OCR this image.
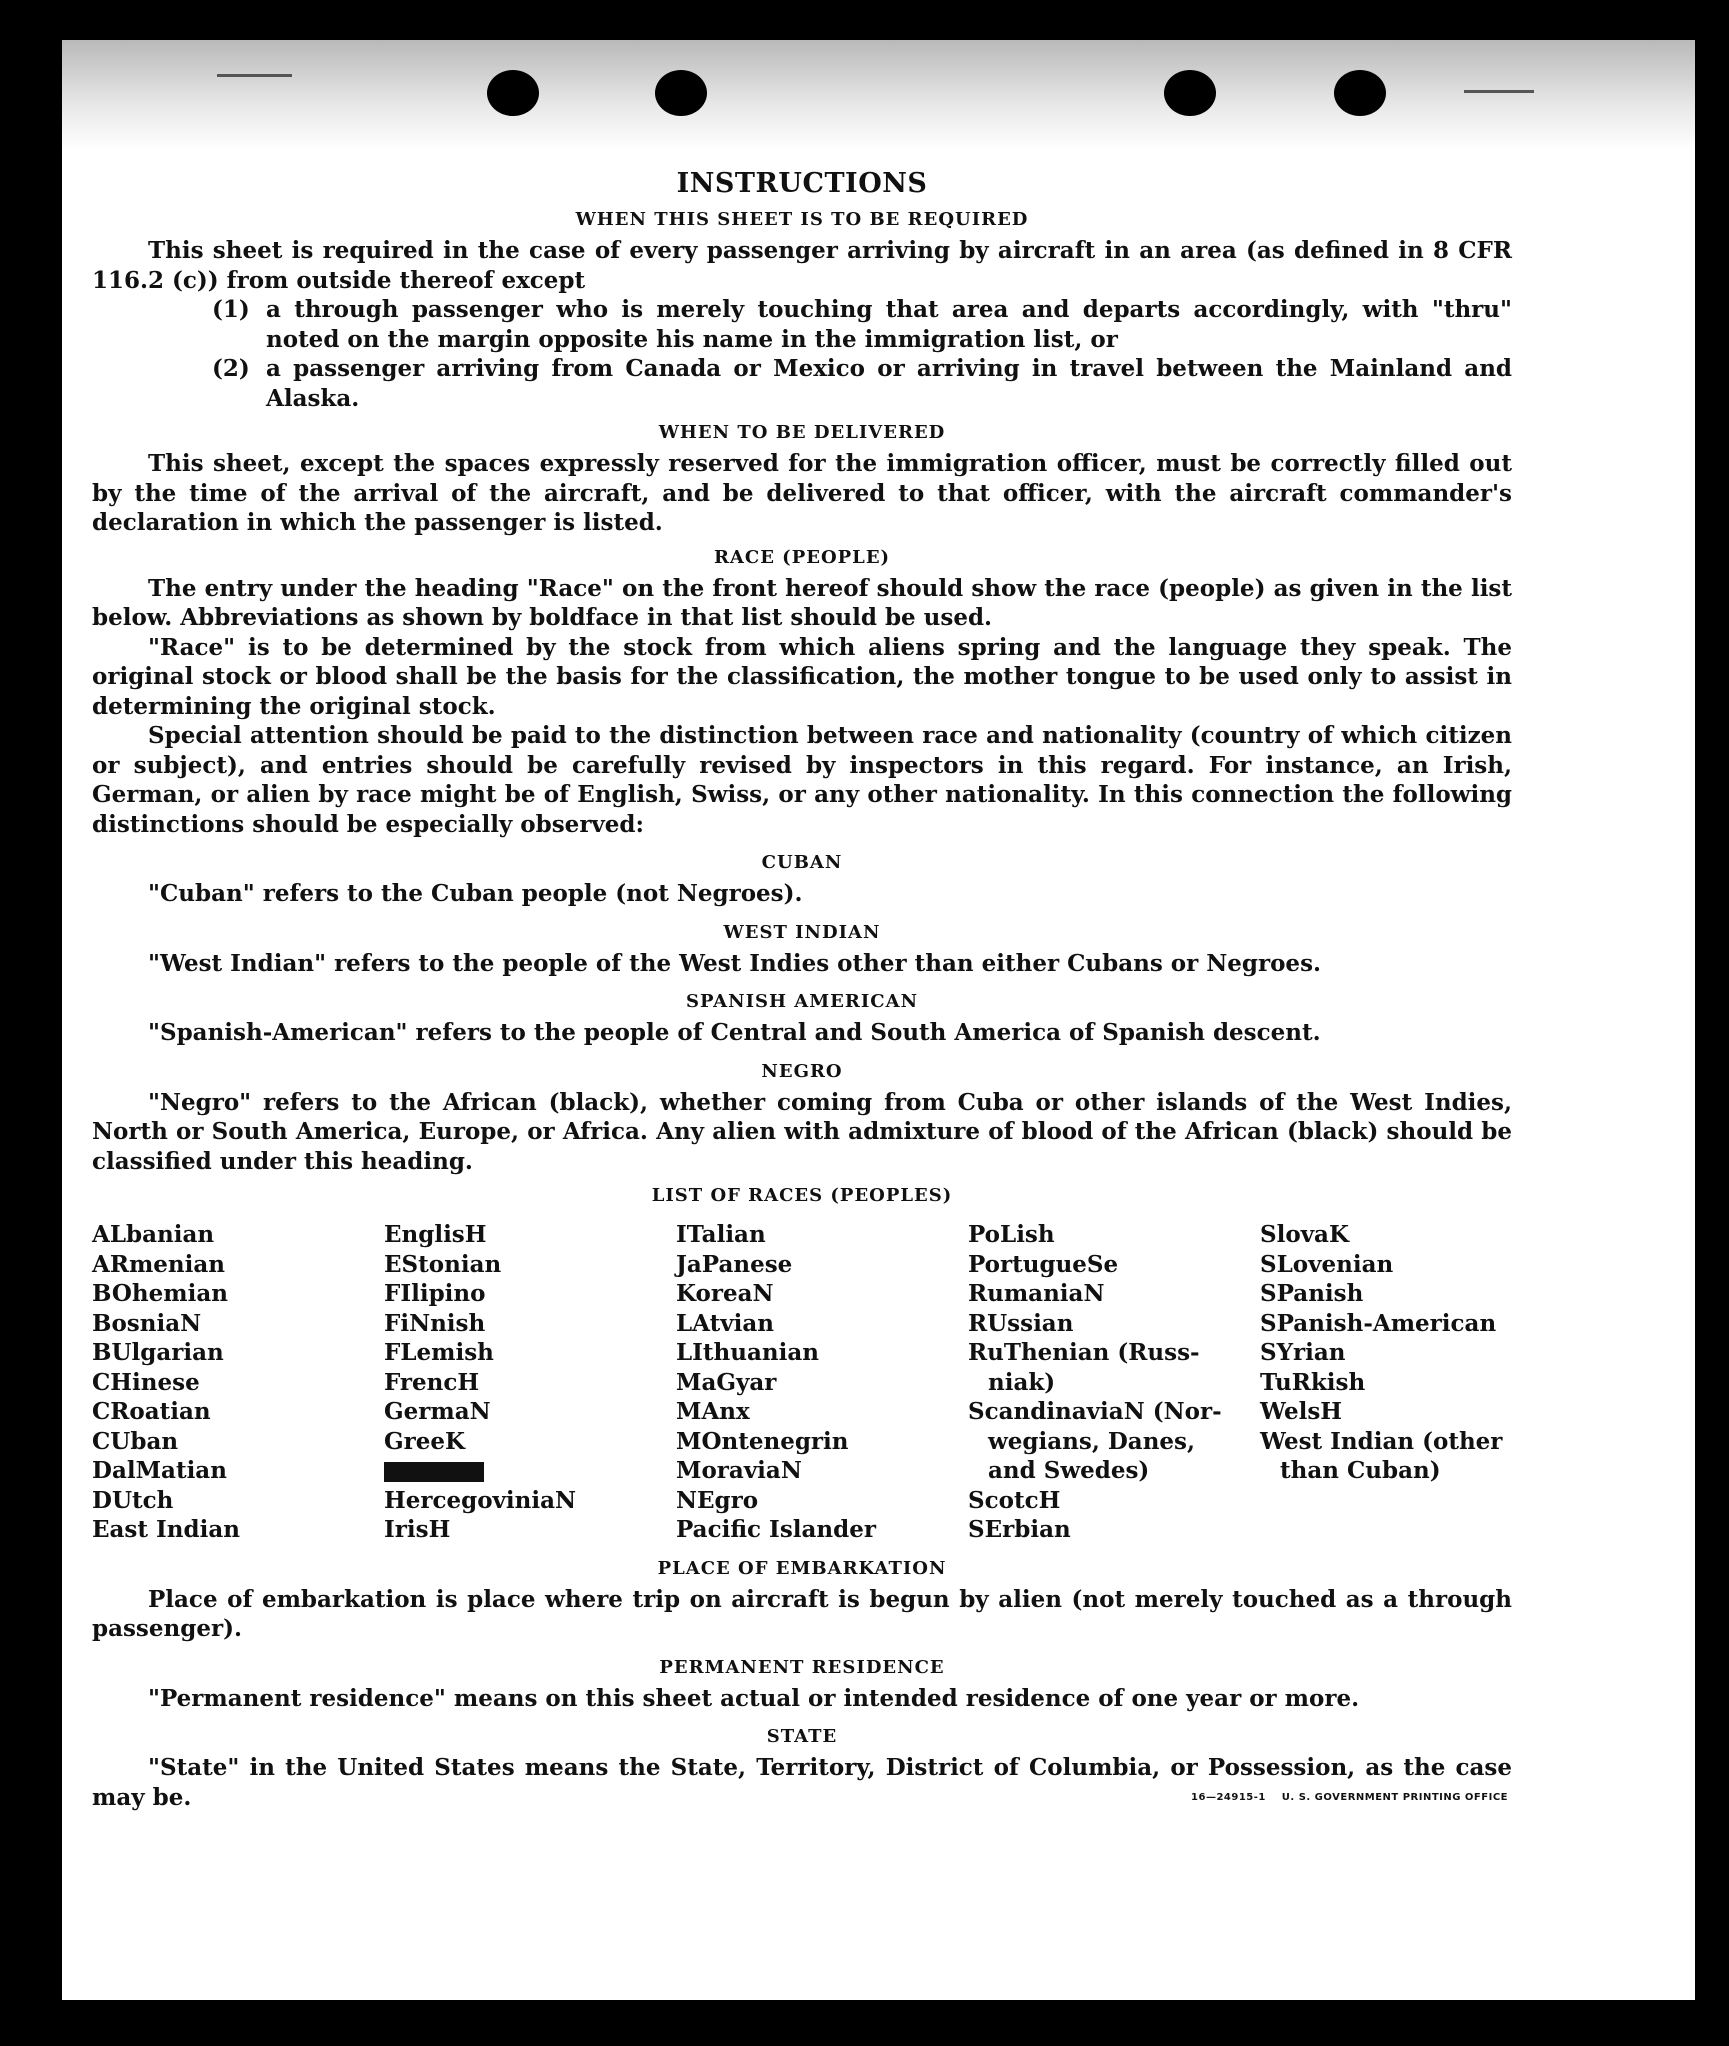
INSTRUCTIONS
WHEN THIS SHEET IS TO BE REQUIRED

This sheet is required in the case of every passenger arriving by aircraft in an area (as defined in 8 CFR 116.2 (c)) from outside thereof except

(1) a through passenger who is merely touching that area and departs accordingly, with "thru" noted on the margin opposite his name in the immigration list, or
(2) a passenger arriving from Canada or Mexico or arriving in travel between the Mainland and Alaska.
WHEN TO BE DELIVERED

This sheet, except the spaces expressly reserved for the immigration officer, must be correctly filled out by the time of the arrival of the aircraft, and be delivered to that officer, with the aircraft commander's declaration in which the passenger is listed.

RACE (PEOPLE)

The entry under the heading "Race" on the front hereof should show the race (people) as given in the list below. Abbreviations as shown by boldface in that list should be used.

"Race" is to be determined by the stock from which aliens spring and the language they speak. The original stock or blood shall be the basis for the classification, the mother tongue to be used only to assist in determining the original stock.

Special attention should be paid to the distinction between race and nationality (country of which citizen or subject), and entries should be carefully revised by inspectors in this regard. For instance, an Irish, German, or alien by race might be of English, Swiss, or any other nationality. In this connection the following distinctions should be especially observed:

CUBAN

"Cuban" refers to the Cuban people (not Negroes).

WEST INDIAN

"West Indian" refers to the people of the West Indies other than either Cubans or Negroes.

SPANISH AMERICAN

"Spanish-American" refers to the people of Central and South America of Spanish descent.

NEGRO

"Negro" refers to the African (black), whether coming from Cuba or other islands of the West Indies, North or South America, Europe, or Africa. Any alien with admixture of blood of the African (black) should be classified under this heading.

LIST OF RACES (PEOPLES)
ALbanian
ARmenian
BOhemian
BosniaN
BUlgarian
CHinese
CRoatian
CUban
DalMatian
DUtch
East Indian
EnglisH
EStonian
FIlipino
FiNnish
FLemish
FrencH
GermaN
GreeK
HercegoviniaN
IrisH
ITalian
JaPanese
KoreaN
LAtvian
LIthuanian
MaGyar
MAnx
MOntenegrin
MoraviaN
NEgro
Pacific Islander
PoLish
PortugueSe
RumaniaN
RUssian
RuThenian (Russ-
niak)
ScandinaviaN (Nor-
wegians, Danes,
and Swedes)
ScotcH
SErbian
SlovaK
SLovenian
SPanish
SPanish-American
SYrian
TuRkish
WelsH
West Indian (other
than Cuban)
PLACE OF EMBARKATION

Place of embarkation is place where trip on aircraft is begun by alien (not merely touched as a through passenger).

PERMANENT RESIDENCE

"Permanent residence" means on this sheet actual or intended residence of one year or more.

STATE

"State" in the United States means the State, Territory, District of Columbia, or Possession, as the case may be.	16—24915-1 U. S. GOVERNMENT PRINTING OFFICE
